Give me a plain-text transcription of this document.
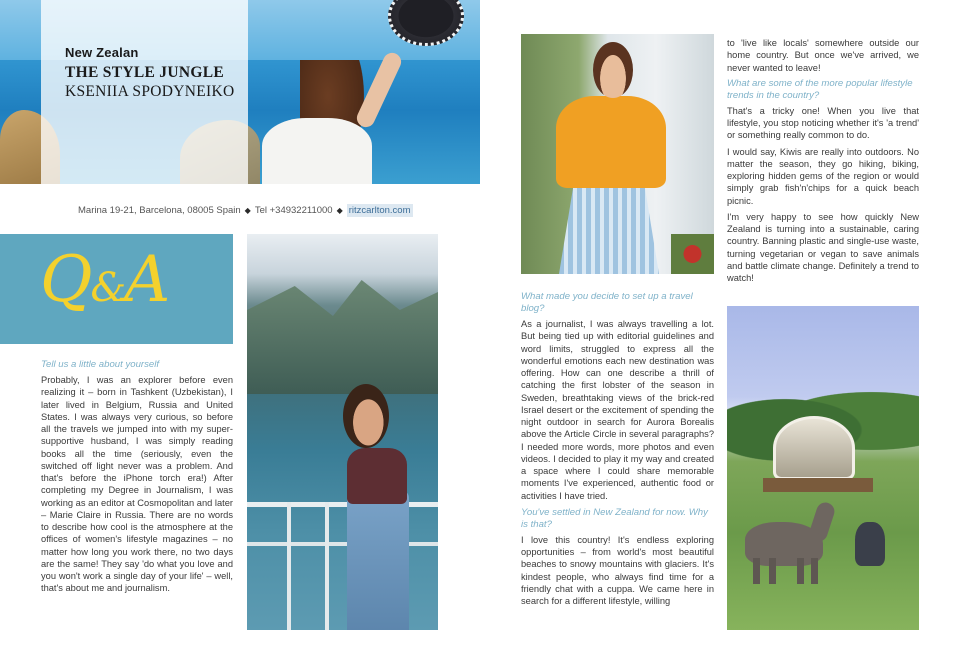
New Zealan
THE STYLE JUNGLE
KSENIIA SPODYNEIKO
Marina 19-21, Barcelona, 08005 Spain ◆ Tel +34932211000 ◆ ritzcarlton.com
Q&A
Tell us a little about yourself

Probably, I was an explorer before even realizing it – born in Tashkent (Uzbekistan), I later lived in Belgium, Russia and United States. I was always very curious, so before all the travels we jumped into with my super-supportive husband, I was simply reading books all the time (seriously, even the switched off light never was a problem. And that's before the iPhone torch era!) After completing my Degree in Journalism, I was working as an editor at Cosmopolitan and later – Marie Claire in Russia. There are no words to describe how cool is the atmosphere at the offices of women's lifestyle magazines – no matter how long you work there, no two days are the same! They say 'do what you love and you won't work a single day of your life' – well, that's about me and journalism.

What made you decide to set up a travel blog?

As a journalist, I was always travelling a lot. But being tied up with editorial guidelines and word limits, struggled to express all the wonderful emotions each new destination was offering. How can one describe a thrill of catching the first lobster of the season in Sweden, breathtaking views of the brick-red Israel desert or the excitement of spending the night outdoor in search for Aurora Borealis above the Article Circle in several paragraphs? I needed more words, more photos and even videos. I decided to play it my way and created a space where I could share memorable moments I've experienced, authentic food or activities I have tried.

You've settled in New Zealand for now. Why is that?

I love this country! It's endless exploring opportunities – from world's most beautiful beaches to snowy mountains with glaciers. It's kindest people, who always find time for a friendly chat with a cuppa. We came here in search for a different lifestyle, willing

to 'live like locals' somewhere outside our home country. But once we've arrived, we never wanted to leave!

What are some of the more popular lifestyle trends in the country?

That's a tricky one! When you live that lifestyle, you stop noticing whether it's 'a trend' or something really common to do.

I would say, Kiwis are really into outdoors. No matter the season, they go hiking, biking, exploring hidden gems of the region or would simply grab fish'n'chips for a quick beach picnic.

I'm very happy to see how quickly New Zealand is turning into a sustainable, caring country. Banning plastic and single-use waste, turning vegetarian or vegan to save animals and battle climate change. Definitely a trend to watch!
